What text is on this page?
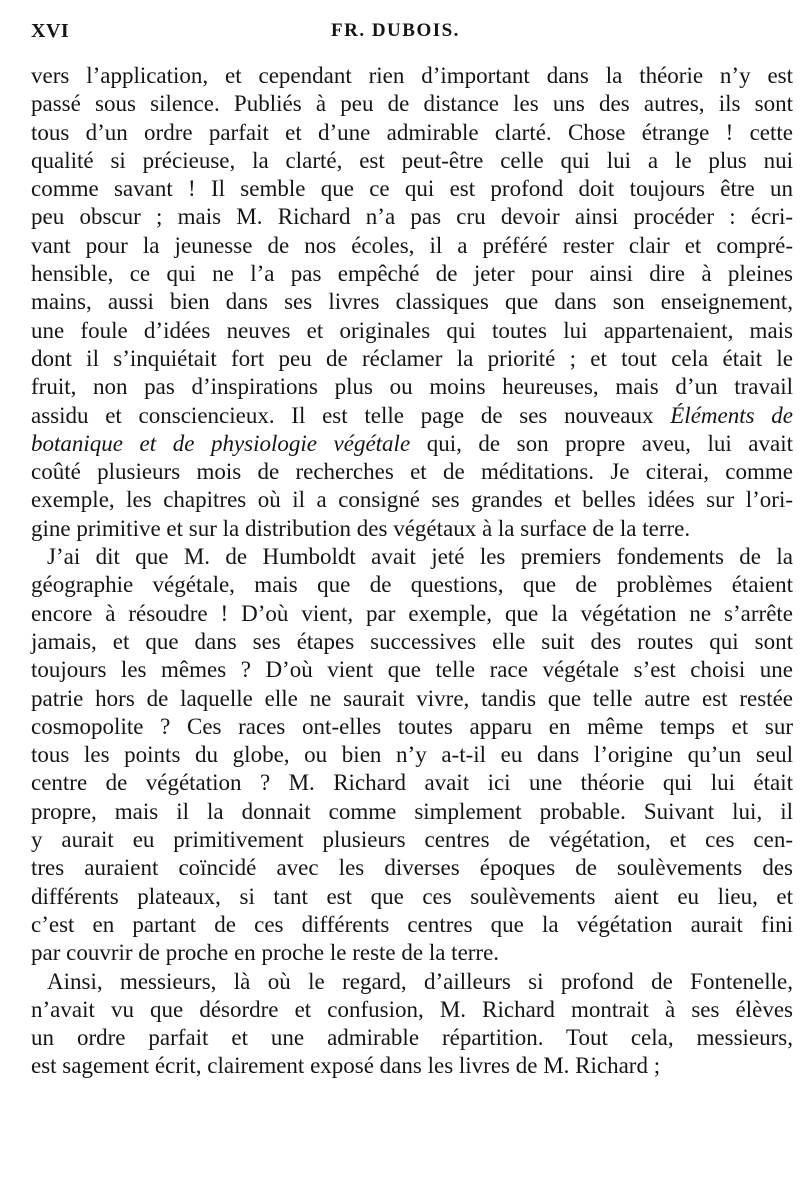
XVI	FR. DUBOIS.
vers l’application, et cependant rien d’important dans la théorie n’y est
passé sous silence. Publiés à peu de distance les uns des autres, ils sont
tous d’un ordre parfait et d’une admirable clarté. Chose étrange ! cette
qualité si précieuse, la clarté, est peut-être celle qui lui a le plus nui
comme savant ! Il semble que ce qui est profond doit toujours être un
peu obscur ; mais M. Richard n’a pas cru devoir ainsi procéder : écri-
vant pour la jeunesse de nos écoles, il a préféré rester clair et compré-
hensible, ce qui ne l’a pas empêché de jeter pour ainsi dire à pleines
mains, aussi bien dans ses livres classiques que dans son enseignement,
une foule d’idées neuves et originales qui toutes lui appartenaient, mais
dont il s’inquiétait fort peu de réclamer la priorité ; et tout cela était le
fruit, non pas d’inspirations plus ou moins heureuses, mais d’un travail
assidu et consciencieux. Il est telle page de ses nouveaux Éléments de
botanique et de physiologie végétale qui, de son propre aveu, lui avait
coûté plusieurs mois de recherches et de méditations. Je citerai, comme
exemple, les chapitres où il a consigné ses grandes et belles idées sur l’ori-
gine primitive et sur la distribution des végétaux à la surface de la terre.
J’ai dit que M. de Humboldt avait jeté les premiers fondements de la
géographie végétale, mais que de questions, que de problèmes étaient
encore à résoudre ! D’où vient, par exemple, que la végétation ne s’arrête
jamais, et que dans ses étapes successives elle suit des routes qui sont
toujours les mêmes ? D’où vient que telle race végétale s’est choisi une
patrie hors de laquelle elle ne saurait vivre, tandis que telle autre est restée
cosmopolite ? Ces races ont-elles toutes apparu en même temps et sur
tous les points du globe, ou bien n’y a-t-il eu dans l’origine qu’un seul
centre de végétation ? M. Richard avait ici une théorie qui lui était
propre, mais il la donnait comme simplement probable. Suivant lui, il
y aurait eu primitivement plusieurs centres de végétation, et ces cen-
tres auraient coïncidé avec les diverses époques de soulèvements des
différents plateaux, si tant est que ces soulèvements aient eu lieu, et
c’est en partant de ces différents centres que la végétation aurait fini
par couvrir de proche en proche le reste de la terre.
Ainsi, messieurs, là où le regard, d’ailleurs si profond de Fontenelle,
n’avait vu que désordre et confusion, M. Richard montrait à ses élèves
un ordre parfait et une admirable répartition. Tout cela, messieurs,
est sagement écrit, clairement exposé dans les livres de M. Richard ;
